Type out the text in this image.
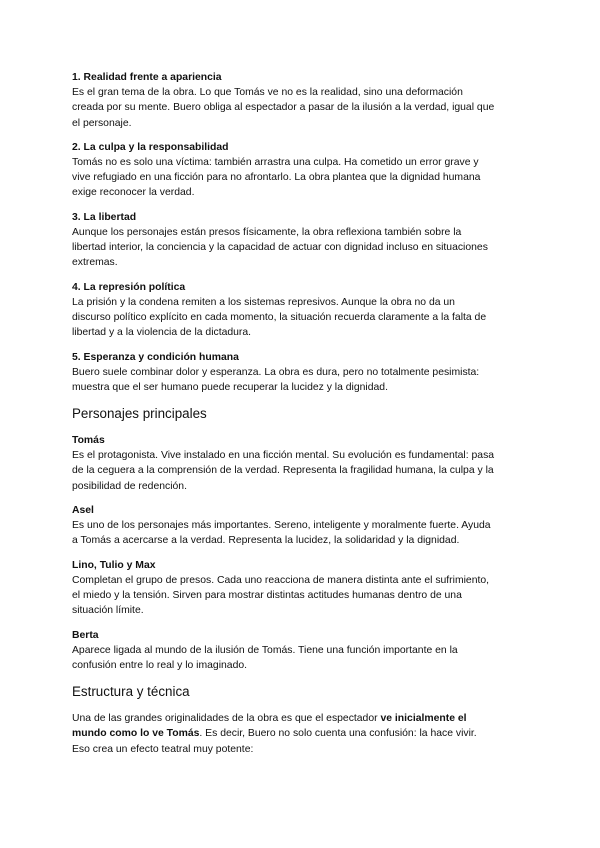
1. Realidad frente a apariencia
Es el gran tema de la obra. Lo que Tomás ve no es la realidad, sino una deformación
creada por su mente. Buero obliga al espectador a pasar de la ilusión a la verdad, igual que
el personaje.
2. La culpa y la responsabilidad
Tomás no es solo una víctima: también arrastra una culpa. Ha cometido un error grave y
vive refugiado en una ficción para no afrontarlo. La obra plantea que la dignidad humana
exige reconocer la verdad.
3. La libertad
Aunque los personajes están presos físicamente, la obra reflexiona también sobre la
libertad interior, la conciencia y la capacidad de actuar con dignidad incluso en situaciones
extremas.
4. La represión política
La prisión y la condena remiten a los sistemas represivos. Aunque la obra no da un
discurso político explícito en cada momento, la situación recuerda claramente a la falta de
libertad y a la violencia de la dictadura.
5. Esperanza y condición humana
Buero suele combinar dolor y esperanza. La obra es dura, pero no totalmente pesimista:
muestra que el ser humano puede recuperar la lucidez y la dignidad.
Personajes principales
Tomás
Es el protagonista. Vive instalado en una ficción mental. Su evolución es fundamental: pasa
de la ceguera a la comprensión de la verdad. Representa la fragilidad humana, la culpa y la
posibilidad de redención.
Asel
Es uno de los personajes más importantes. Sereno, inteligente y moralmente fuerte. Ayuda
a Tomás a acercarse a la verdad. Representa la lucidez, la solidaridad y la dignidad.
Lino, Tulio y Max
Completan el grupo de presos. Cada uno reacciona de manera distinta ante el sufrimiento,
el miedo y la tensión. Sirven para mostrar distintas actitudes humanas dentro de una
situación límite.
Berta
Aparece ligada al mundo de la ilusión de Tomás. Tiene una función importante en la
confusión entre lo real y lo imaginado.
Estructura y técnica
Una de las grandes originalidades de la obra es que el espectador ve inicialmente el
mundo como lo ve Tomás. Es decir, Buero no solo cuenta una confusión: la hace vivir.
Eso crea un efecto teatral muy potente:
